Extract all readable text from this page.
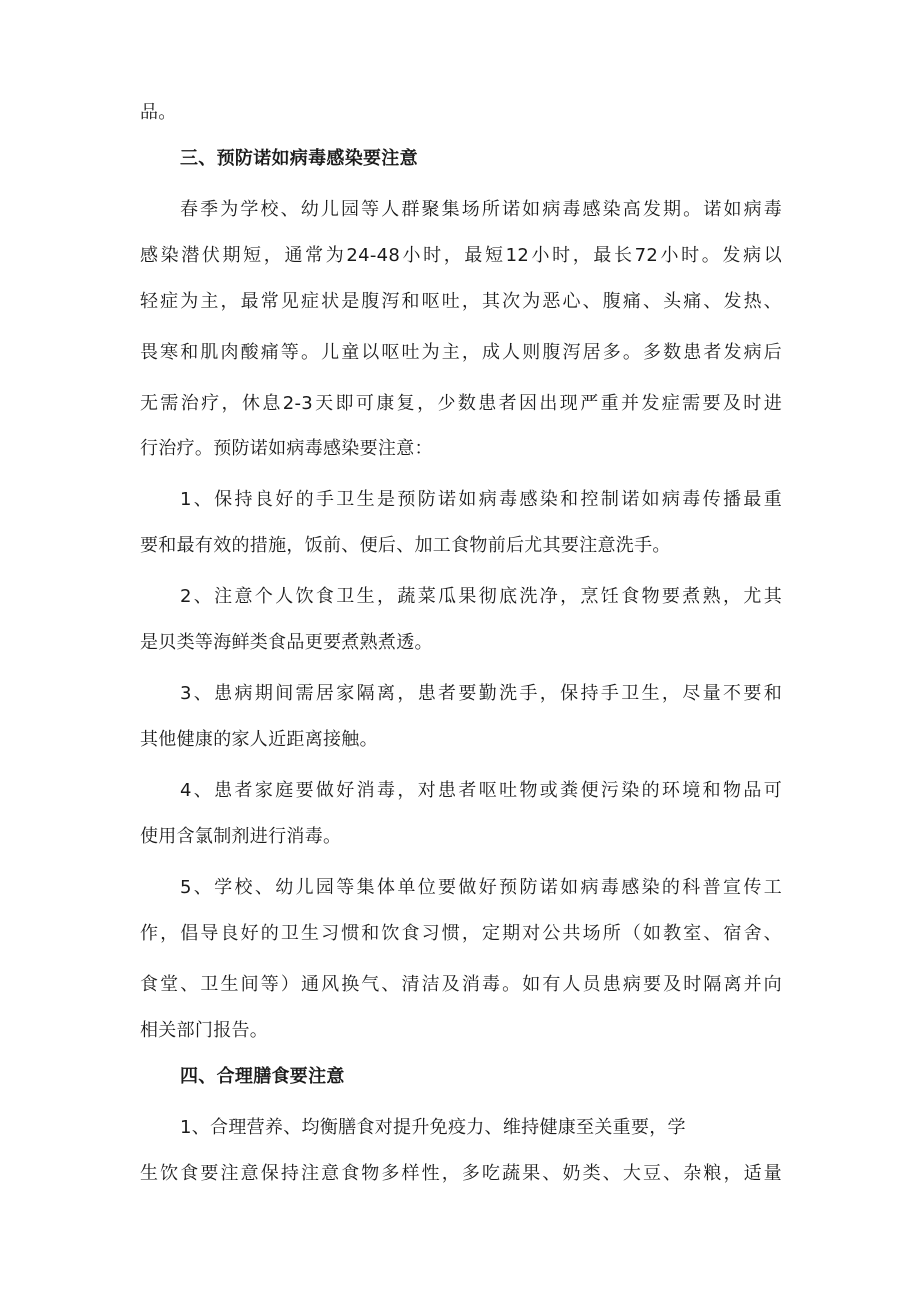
品。
三、预防诺如病毒感染要注意
春季为学校、幼儿园等人群聚集场所诺如病毒感染高发期。诺如病毒
感染潜伏期短，通常为24-48小时，最短12小时，最长72小时。发病以
轻症为主，最常见症状是腹泻和呕吐，其次为恶心、腹痛、头痛、发热、
畏寒和肌肉酸痛等。儿童以呕吐为主，成人则腹泻居多。多数患者发病后
无需治疗，休息2-3天即可康复，少数患者因出现严重并发症需要及时进
行治疗。预防诺如病毒感染要注意：
1、保持良好的手卫生是预防诺如病毒感染和控制诺如病毒传播最重
要和最有效的措施，饭前、便后、加工食物前后尤其要注意洗手。
2、注意个人饮食卫生，蔬菜瓜果彻底洗净，烹饪食物要煮熟，尤其
是贝类等海鲜类食品更要煮熟煮透。
3、患病期间需居家隔离，患者要勤洗手，保持手卫生，尽量不要和
其他健康的家人近距离接触。
4、患者家庭要做好消毒，对患者呕吐物或粪便污染的环境和物品可
使用含氯制剂进行消毒。
5、学校、幼儿园等集体单位要做好预防诺如病毒感染的科普宣传工
作，倡导良好的卫生习惯和饮食习惯，定期对公共场所（如教室、宿舍、
食堂、卫生间等）通风换气、清洁及消毒。如有人员患病要及时隔离并向
相关部门报告。
四、合理膳食要注意
1、合理营养、均衡膳食对提升免疫力、维持健康至关重要，学
生饮食要注意保持注意食物多样性，多吃蔬果、奶类、大豆、杂粮，适量
